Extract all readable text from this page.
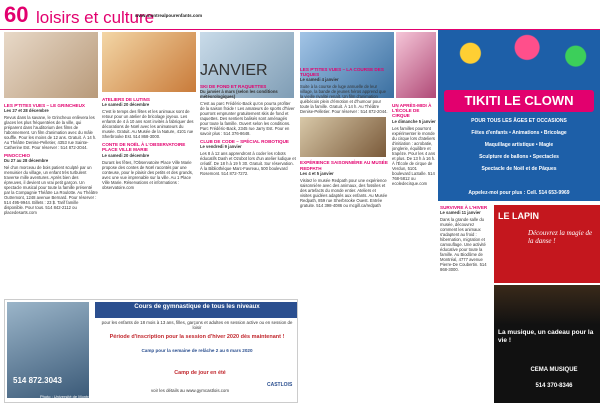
60 loisirs et culture
www.montrealpourenfants.com
LES P'TITES VUES – LE GRINCHEUX

Les 27 et 28 décembre

Revus dans la savane, le Grincheux enlèvera les glaces les plus fréquentées de la ville, qui préparent dans l'auditorium des films de l'abonnement. Un film d'animation avec du mâle souffle. Pour les moins de 12 ans. Gratuit. À 14 h. Au Théâtre Denise-Pelletier, 4353 rue Sainte-Catherine Est. Pour réserver : 514 872-2044.

PINOCCHIO

Du 27 au 28 décembre

Né d'un morceau de bois patient sculpté par un menuisier du village, un enfant très turbulent traverse mille aventures. Après bien des épreuves, il devient un vrai petit garçon. Un spectacle musical pour toute la famille présenté par la Compagnie Théâtre La Roulotte. Au Théâtre Outremont, 1248 avenue Bernard. Pour réserver : 514 495-9944. Billets : 23 $. Tarif famille disponible. Pour tous. 514 842-2112 ou placedesarts.com

ATELIERS DE LUTINS

Le samedi 20 décembre

C'est le temps des fêtes et les animaux sont de retour pour un atelier de bricolage joyeux. Les enfants de 4 à 10 ans sont invités à fabriquer des décorations de Noël avec les animateurs du musée. Gratuit. Au Musée de la Nature, 4101 rue Sherbrooke Est. 514 868-3000.

CONTE DE NOËL À L'OBSERVATOIRE PLACE VILLE MARIE

Le samedi 20 décembre

Durant les fêtes, l'Observatoire Place Ville Marie propose des contes de Noël racontés par une conteuse, pour le plaisir des petits et des grands, avec une vue imprenable sur la ville. Au 1 Place Ville Marie. Réservations et informations : observatoire.com

JANVIER
SKI DE FOND ET RAQUETTES

Du janvier à mars (selon les conditions météorologiques)

C'est au parc Frédéric-Back qu'on pourra profiter de la saison froide ! Les amateurs de sports d'hiver pourront emprunter gratuitement skis de fond et raquettes. Des sentiers balisés sont aménagés pour toute la famille. Ouvert selon les conditions. Parc Frédéric-Back, 2345 rue Jarry Est. Pour en savoir plus : 514 376-8648.

CLUB DE CODE – SPÉCIAL ROBOTIQUE

Le vendredi 9 janvier

Les 8 à 12 ans apprendront à coder les robots éducatifs Dash et Ozobot lors d'un atelier ludique et créatif. De 18 h à 19 h 30. Gratuit. Sur réservation. À la Bibliothèque Marc-Favreau, 500 boulevard Rosemont. 514 872-7272.

LES P'TITES VUES – LA COURSE DES TUQUES

Le samedi 4 janvier

Suite à la course de luge annuelle de leur village, la bande de jeunes héros apprend que la vieille rivalité renaît. Un film d'animation québécois plein d'émotion et d'humour pour toute la famille. Gratuit. À 14 h. Au Théâtre Denise-Pelletier. Pour réserver : 514 872-2044.

EXPÉRIENCE SAISONNIÈRE AU MUSÉE REDPATH

Les 4 et 5 janvier

Visitez le musée Redpath pour une expérience saisonnière avec des animaux, des fossiles et des artefacts du monde entier. Ateliers et visites guidées adaptés aux enfants. Au Musée Redpath, 859 rue Sherbrooke Ouest. Entrée gratuite. 514 398-4086 ou mcgill.ca/redpath	SURVIVRE À L'HIVER

Le samedi 11 janvier

Dans la grande salle du musée, découvrez comment les animaux s'adaptent au froid : hibernation, migration et camouflage. Une activité éducative pour toute la famille. Au Biodôme de Montréal, 4777 avenue Pierre-De Coubertin. 514 868-3000.

UN APRÈS-MIDI À L'ÉCOLE DE CIRQUE

Le dimanche 5 janvier

Les familles pourront expérimenter le monde du cirque lors d'ateliers d'initiation : acrobatie, jonglerie, équilibre et trapèze. Pour les 4 ans et plus. De 13 h à 16 h. À l'École de cirque de Verdun, 5101 boulevard LaSalle. 514 768-5812 ou ecoledecirque.com

TIKITI LE CLOWN
POUR TOUS LES ÂGES ET OCCASIONS
Fêtes d'enfants • Animations • Bricolage
Maquillage artistique • Magie
Sculpture de ballons • Spectacles
Spectacle de Noël et de Pâques
Appelez-moi pour plus : Cell. 514 653-9969
LE LAPIN
Découvrez la magie de la danse !
La musique, un cadeau pour la vie !
CEMA MUSIQUE
514 370-8346
514 872.3043
Cours de gymnastique de tous les niveaux
pour les enfants de 18 mois à 13 ans, filles, garçons et adultes en session active ou en session de loisir
Période d'inscription pour la session d'hiver 2020 dès maintenant !
Camp pour la semaine de relâche 2 au 6 mars 2020
Camp de jour en été
voir les détails au www.gymcastlois.com
CASTLOIS
Photo : Université de Montréal – Crédit image
